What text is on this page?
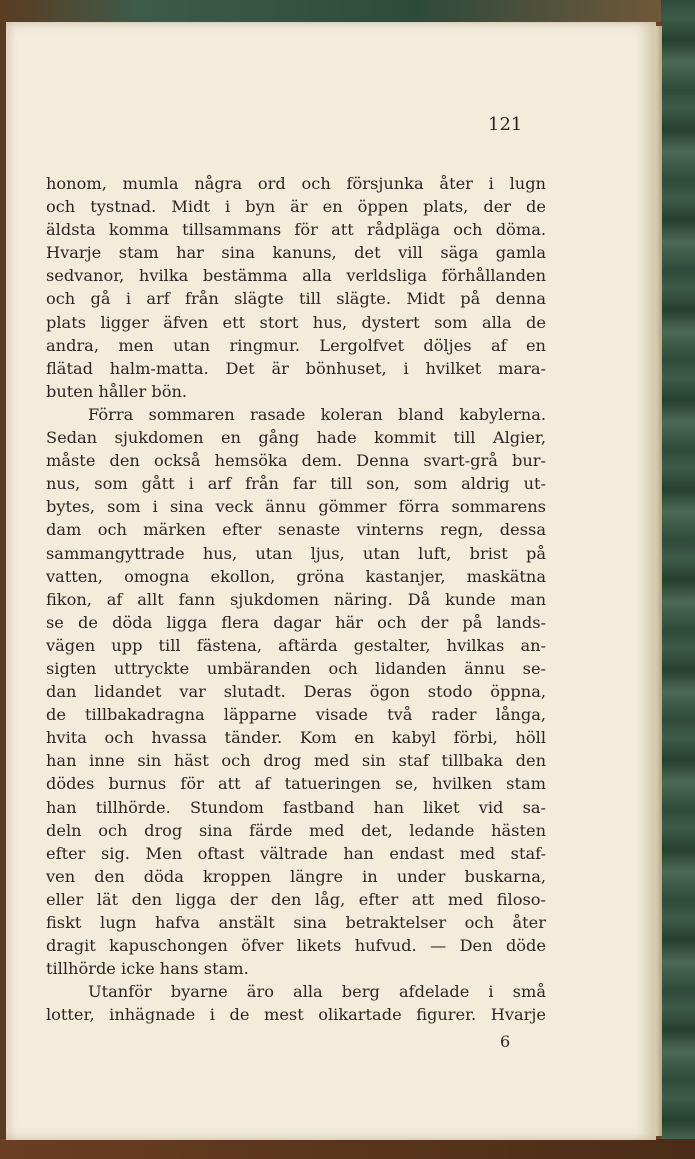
121
honom, mumla några ord och försjunka åter i lugn
och tystnad. Midt i byn är en öppen plats, der de
äldsta komma tillsammans för att rådpläga och döma.
Hvarje stam har sina kanuns, det vill säga gamla
sedvanor, hvilka bestämma alla verldsliga förhållanden
och gå i arf från slägte till slägte. Midt på denna
plats ligger äfven ett stort hus, dystert som alla de
andra, men utan ringmur. Lergolfvet döljes af en
flätad halm-matta. Det är bönhuset, i hvilket mara-
buten håller bön.
Förra sommaren rasade koleran bland kabylerna.
Sedan sjukdomen en gång hade kommit till Algier,
måste den också hemsöka dem. Denna svart-grå bur-
nus, som gått i arf från far till son, som aldrig ut-
bytes, som i sina veck ännu gömmer förra sommarens
dam och märken efter senaste vinterns regn, dessa
sammangyttrade hus, utan ljus, utan luft, brist på
vatten, omogna ekollon, gröna kastanjer, maskätna
fikon, af allt fann sjukdomen näring. Då kunde man
se de döda ligga flera dagar här och der på lands-
vägen upp till fästena, aftärda gestalter, hvilkas an-
sigten uttryckte umbäranden och lidanden ännu se-
dan lidandet var slutadt. Deras ögon stodo öppna,
de tillbakadragna läpparne visade två rader långa,
hvita och hvassa tänder. Kom en kabyl förbi, höll
han inne sin häst och drog med sin staf tillbaka den
dödes burnus för att af tatueringen se, hvilken stam
han tillhörde. Stundom fastband han liket vid sa-
deln och drog sina färde med det, ledande hästen
efter sig. Men oftast vältrade han endast med staf-
ven den döda kroppen längre in under buskarna,
eller lät den ligga der den låg, efter att med filoso-
fiskt lugn hafva anstält sina betraktelser och åter
dragit kapuschongen öfver likets hufvud. — Den döde
tillhörde icke hans stam.
Utanför byarne äro alla berg afdelade i små
lotter, inhägnade i de mest olikartade figurer. Hvarje
6
